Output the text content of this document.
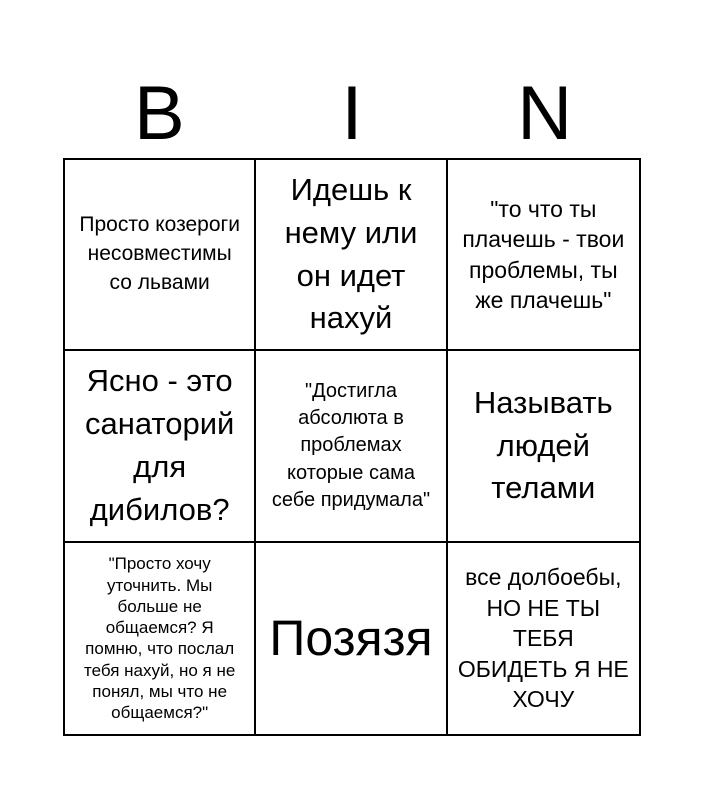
B	I	N
Просто козероги несовместимы со львами
Идешь к нему или он идет нахуй
"то что ты плачешь - твои проблемы, ты же плачешь"
Ясно - это санаторий для дибилов?
"Достигла абсолюта в проблемах которые сама себе придумала"
Называть людей телами
"Просто хочу уточнить. Мы больше не общаемся? Я помню, что послал тебя нахуй, но я не понял, мы что не общаемся?"
Позязя
все долбоебы, НО НЕ ТЫ ТЕБЯ ОБИДЕТЬ Я НЕ ХОЧУ
